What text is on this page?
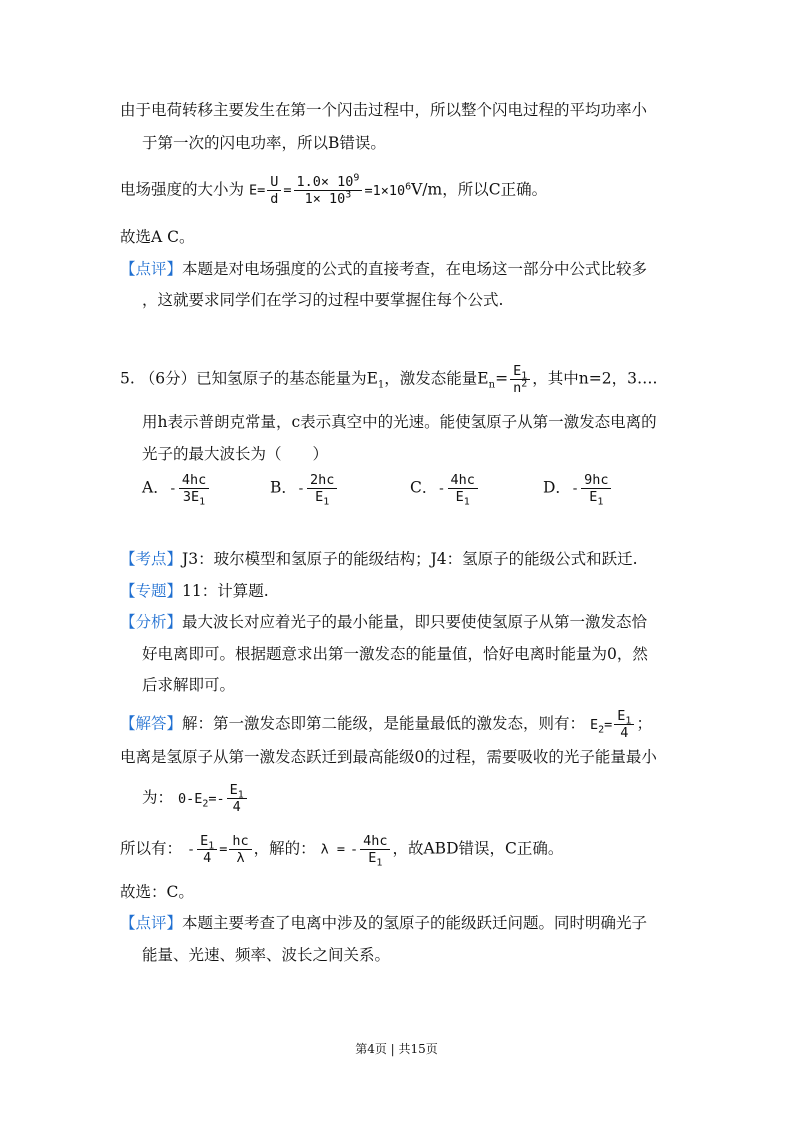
由于电荷转移主要发生在第一个闪击过程中，所以整个闪电过程的平均功率小
于第一次的闪电功率，所以B错误。
电场强度的大小为 $E= \frac{U}{d} = \frac{1.0\times 10^9}{1\times 10^3} =1\times 10^6V/m$，所以C正确。
故选A C。
【点评】本题是对电场强度的公式的直接考查，在电场这一部分中公式比较多
，这就要求同学们在学习的过程中要掌握住每个公式.
5. （6分）已知氢原子的基态能量为$E_1$，激发态能量$E_n= \frac{E_1}{n^2}$ ，其中n=2，3….
用h表示普朗克常量，c表示真空中的光速。能使氢原子从第一激发态电离的
光子的最大波长为（　　）
A．- $\frac{4hc}{3E_1}$	B．- $\frac{2hc}{E_1}$	C．- $\frac{4hc}{E_1}$	D．- $\frac{9hc}{E_1}$
【考点】J3：玻尔模型和氢原子的能级结构；J4：氢原子的能级公式和跃迁.
【专题】11：计算题.
【分析】最大波长对应着光子的最小能量，即只要使使氢原子从第一激发态恰
好电离即可。根据题意求出第一激发态的能量值，恰好电离时能量为0，然
后求解即可。
【解答】解：第一激发态即第二能级，是能量最低的激发态，则有： $E_2= \frac{E_1}{4}$ ；
电离是氢原子从第一激发态跃迁到最高能级0的过程，需要吸收的光子能量最小
为： $0-E_2=- \frac{E_1}{4}$
所以有： - $\frac{E_1}{4} = \frac{hc}{\lambda}$ ，解的： λ = - $\frac{4hc}{E_1}$ ，故ABD错误，C正确。
故选：C。
【点评】本题主要考查了电离中涉及的氢原子的能级跃迁问题。同时明确光子
能量、光速、频率、波长之间关系。
第4页 | 共15页
